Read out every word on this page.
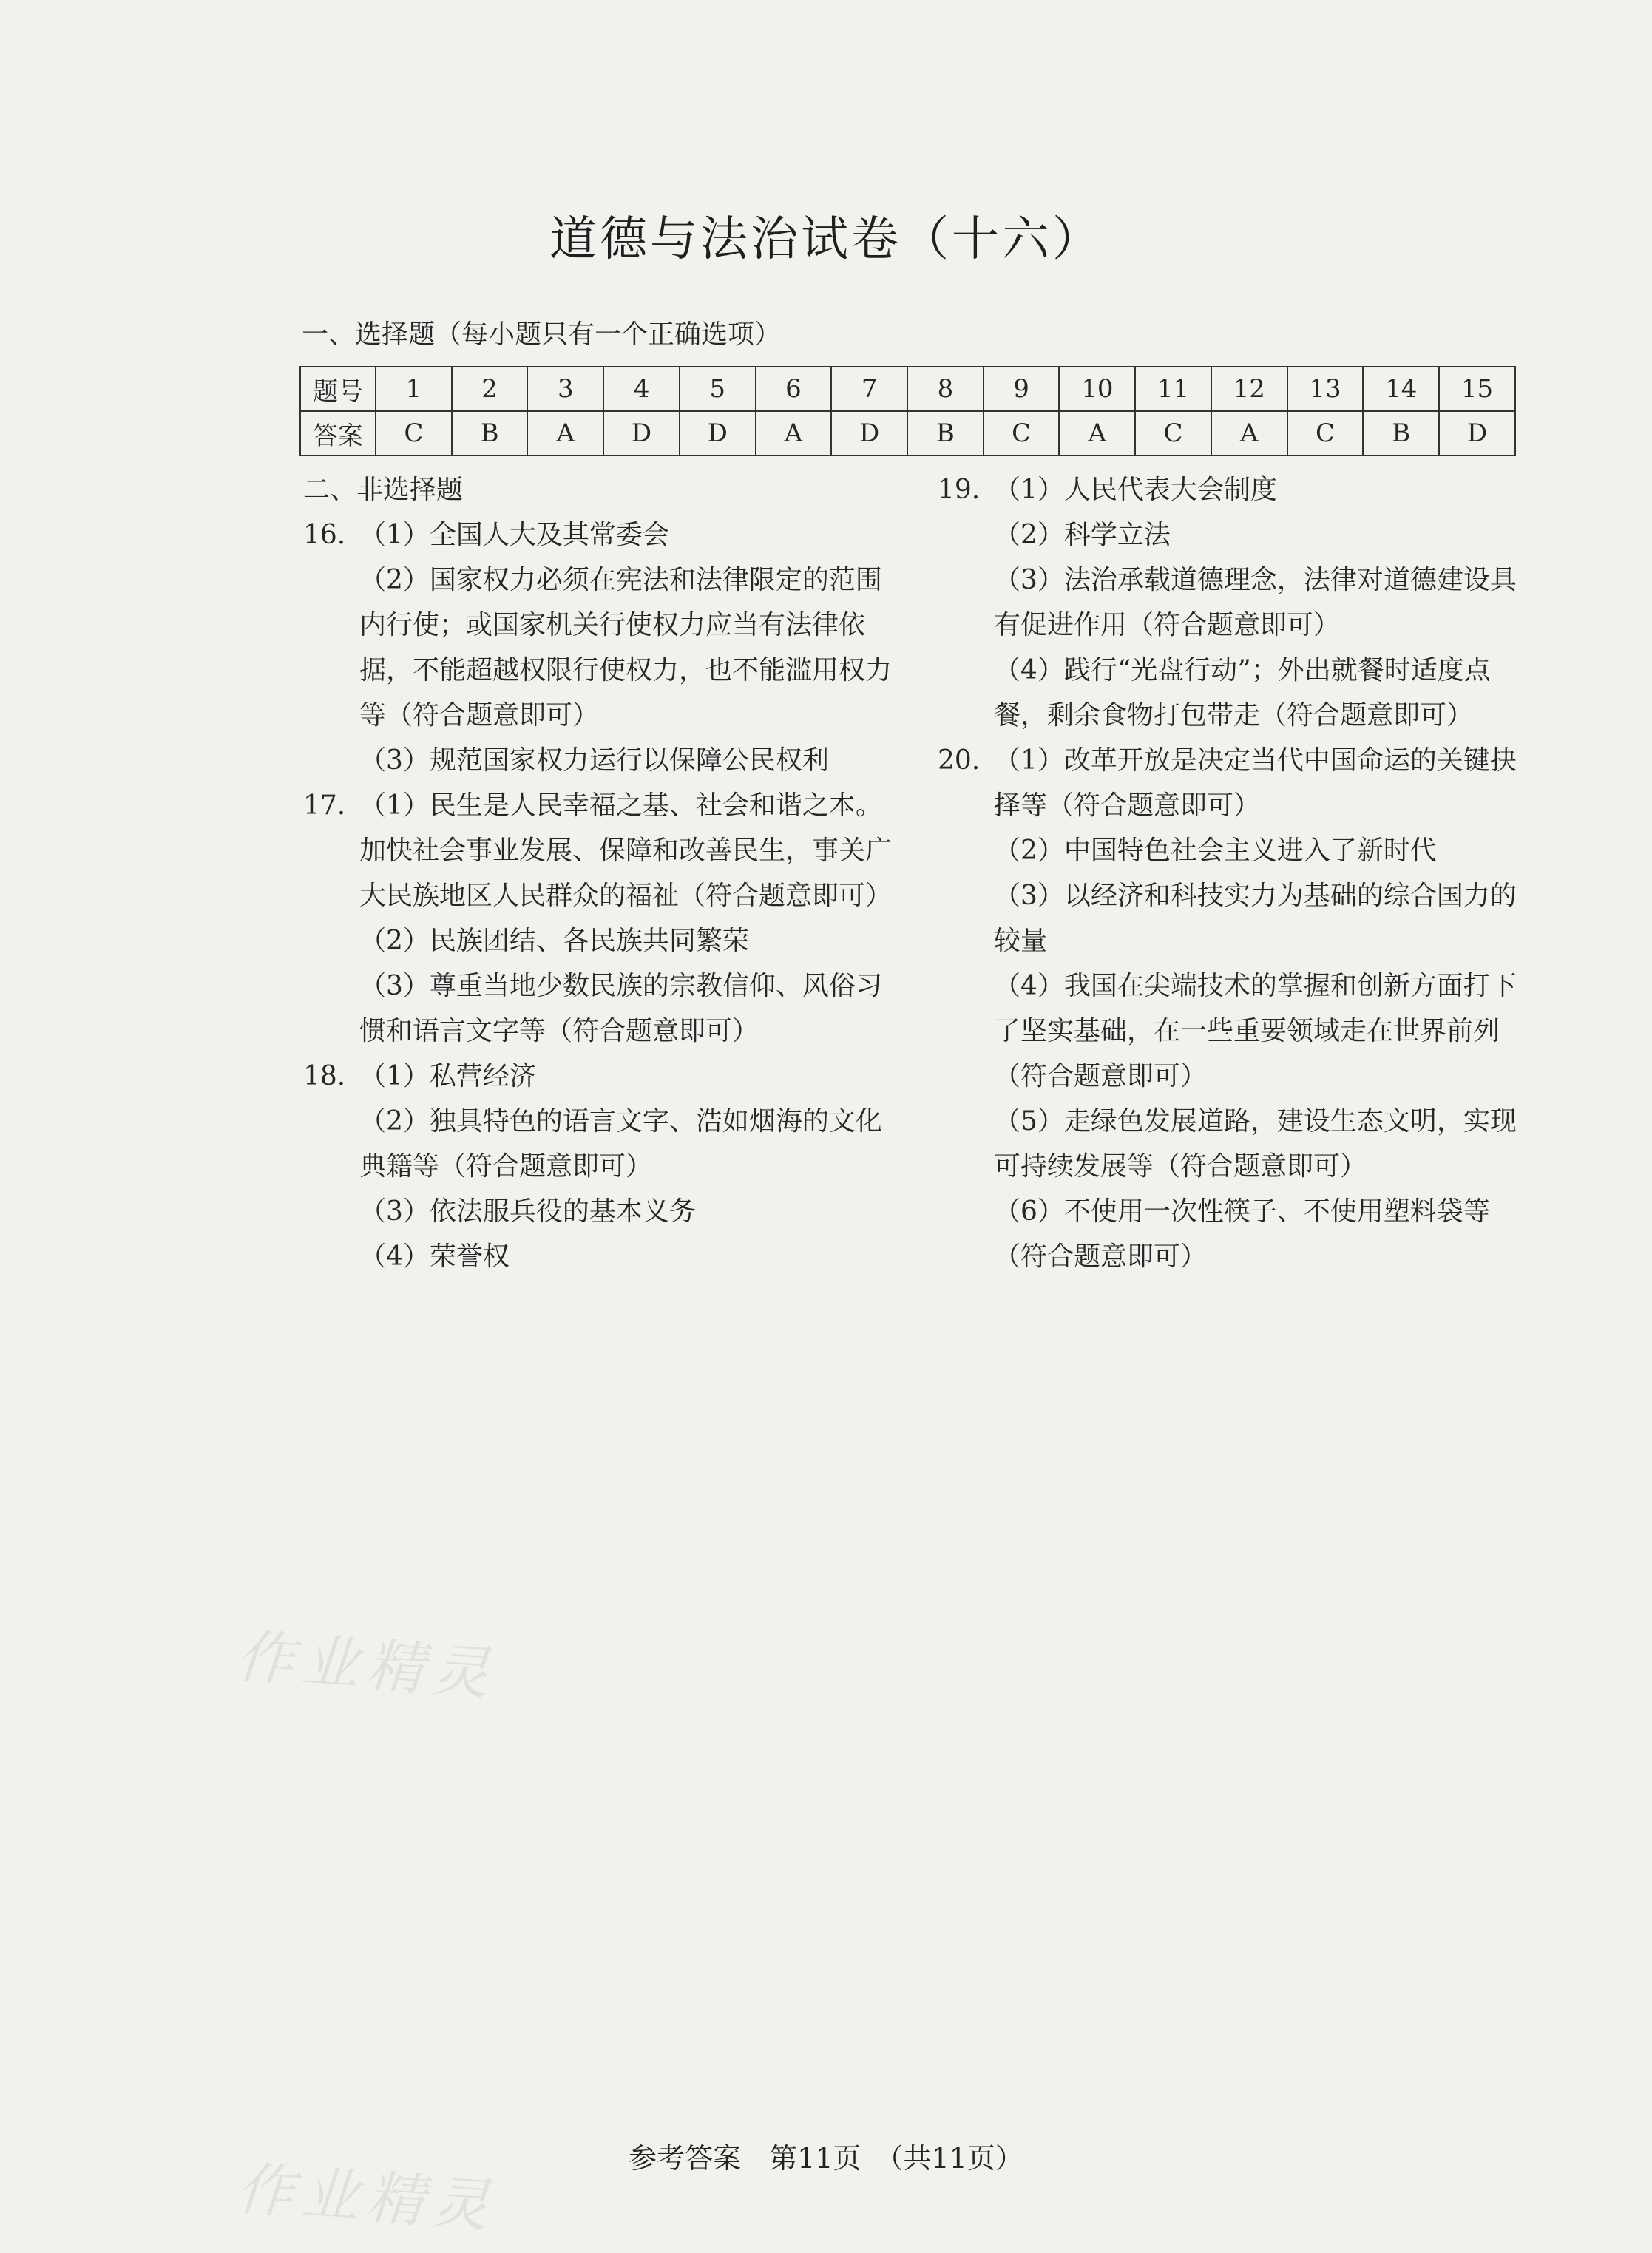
道德与法治试卷（十六）
一、选择题（每小题只有一个正确选项）
题号	1	2	3	4	5	6	7	8	9	10	11	12	13	14	15
答案	C	B	A	D	D	A	D	B	C	A	C	A	C	B	D

二、非选择题

16. （1）全国人大及其常委会

（2）国家权力必须在宪法和法律限定的范围内行使；或国家机关行使权力应当有法律依据，不能超越权限行使权力，也不能滥用权力等（符合题意即可）

（3）规范国家权力运行以保障公民权利

17. （1）民生是人民幸福之基、社会和谐之本。加快社会事业发展、保障和改善民生，事关广大民族地区人民群众的福祉（符合题意即可）

（2）民族团结、各民族共同繁荣

（3）尊重当地少数民族的宗教信仰、风俗习惯和语言文字等（符合题意即可）

18. （1）私营经济

（2）独具特色的语言文字、浩如烟海的文化典籍等（符合题意即可）

（3）依法服兵役的基本义务

（4）荣誉权

19. （1）人民代表大会制度

（2）科学立法

（3）法治承载道德理念，法律对道德建设具有促进作用（符合题意即可）

（4）践行“光盘行动”；外出就餐时适度点餐，剩余食物打包带走（符合题意即可）

20. （1）改革开放是决定当代中国命运的关键抉择等（符合题意即可）

（2）中国特色社会主义进入了新时代

（3）以经济和科技实力为基础的综合国力的较量

（4）我国在尖端技术的掌握和创新方面打下了坚实基础，在一些重要领域走在世界前列（符合题意即可）

（5）走绿色发展道路，建设生态文明，实现可持续发展等（符合题意即可）

（6）不使用一次性筷子、不使用塑料袋等（符合题意即可）

作业精灵
作业精灵	参考答案　第11页　（共11页）
